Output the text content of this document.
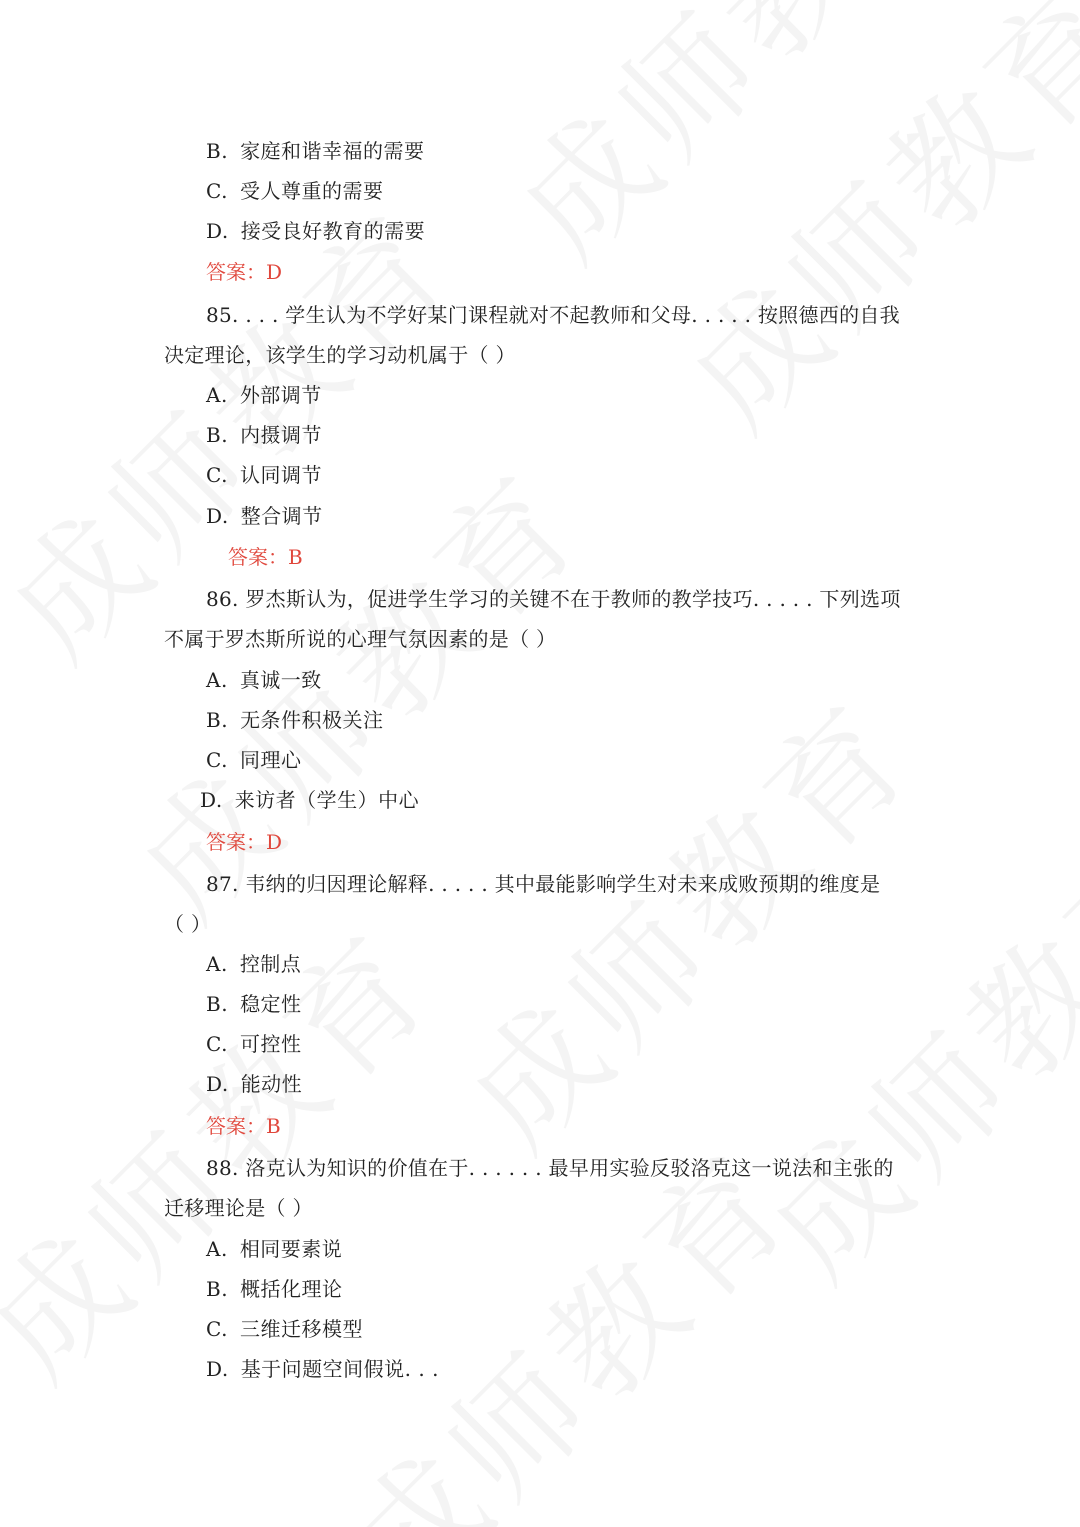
B. 家庭和谐幸福的需要
C. 受人尊重的需要
D. 接受良好教育的需要
答案：D
85. . . . 学生认为不学好某门课程就对不起教师和父母. . . . . 按照德西的自我
决定理论，该学生的学习动机属于（ ）
A. 外部调节
B. 内摄调节
C. 认同调节
D. 整合调节
答案：B
86. 罗杰斯认为，促进学生学习的关键不在于教师的教学技巧. . . . . 下列选项
不属于罗杰斯所说的心理气氛因素的是（ ）
A. 真诚一致
B. 无条件积极关注
C. 同理心
D. 来访者（学生）中心
答案：D
87. 韦纳的归因理论解释. . . . . 其中最能影响学生对未来成败预期的维度是
（ ）
A. 控制点
B. 稳定性
C. 可控性
D. 能动性
答案：B
88. 洛克认为知识的价值在于. . . . . . 最早用实验反驳洛克这一说法和主张的
迁移理论是（ ）
A. 相同要素说
B. 概括化理论
C. 三维迁移模型
D. 基于问题空间假说. . .
